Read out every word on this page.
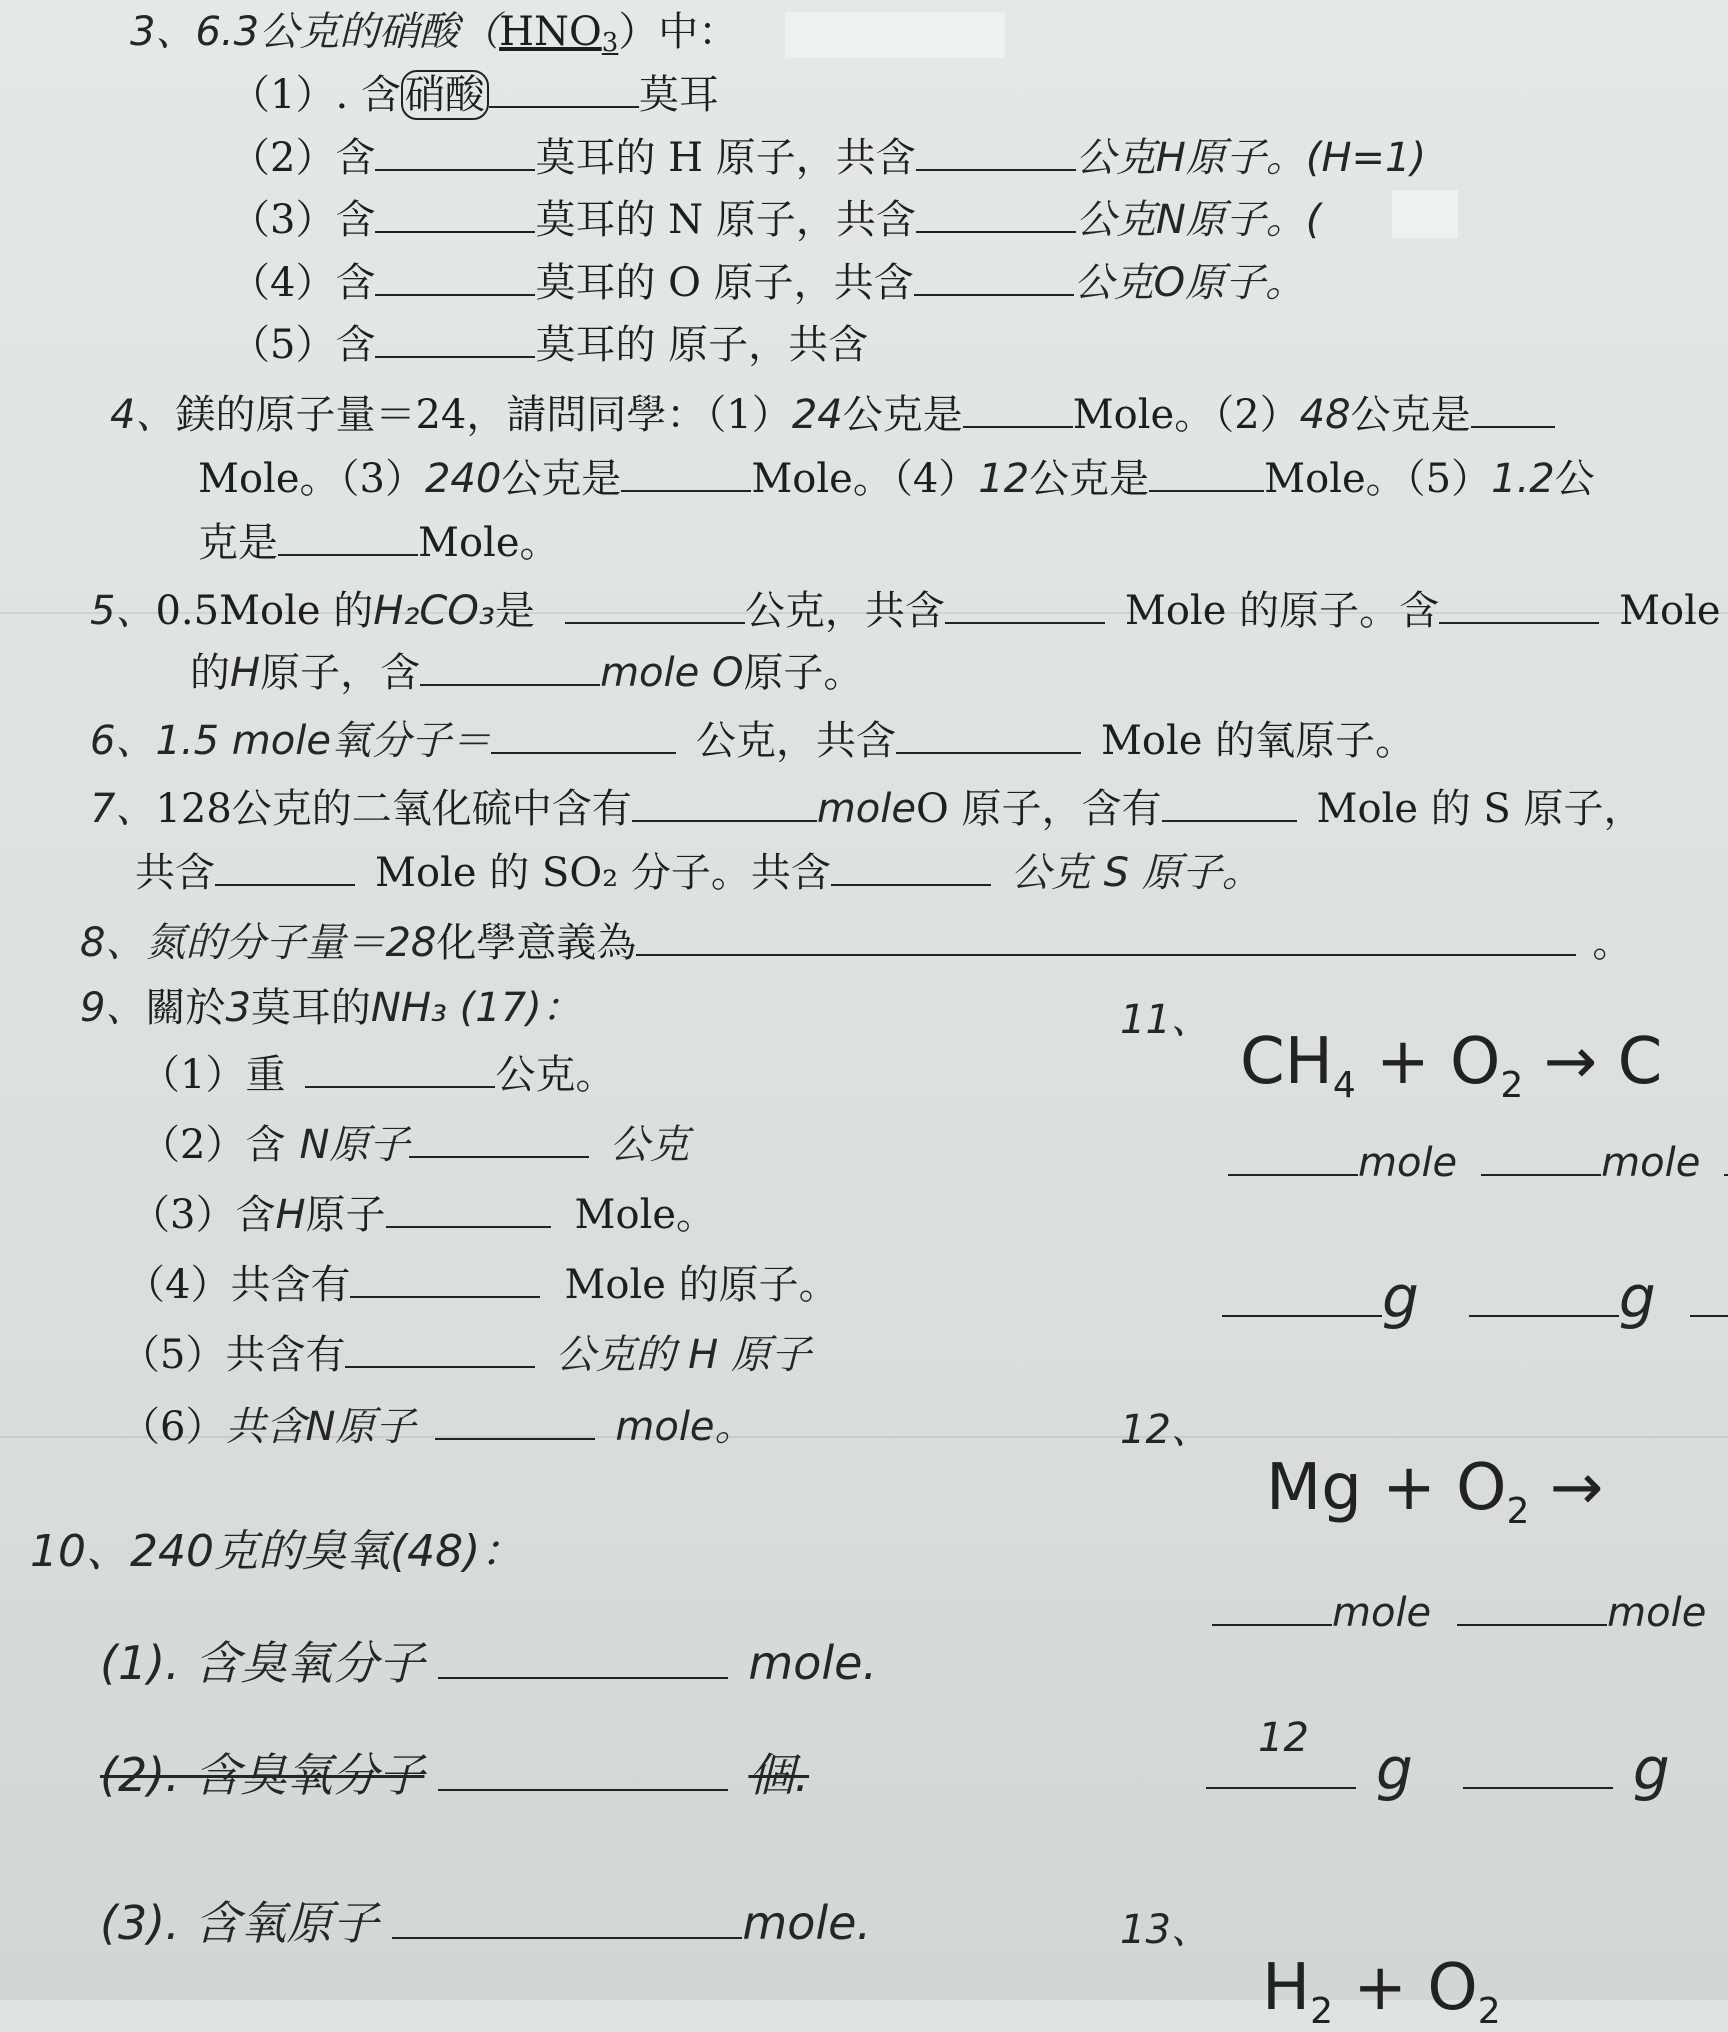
3、6.3公克的硝酸$(HNO_3)$中：
（1）. 含 硝酸	莫耳
（2）含	莫耳的 H 原子，共含	公克H原子。(H=1)
（3）含	莫耳的 N 原子，共含	公克N原子。(
（4）含	莫耳的 O 原子，共含	公克O原子。
（5）含	莫耳的 原子，共含
4、鎂的原子量＝24，請問同學：（1）24公克是	Mole。（2）48公克是
Mole。（3）240公克是	Mole。（4）12公克是	Mole。（5）1.2公
克是	Mole。
5、0.5Mole 的H₂CO₃是	公克，共含	Mole 的原子。含	Mole
的H原子，含	mole O原子。
6、1.5 mole氧分子＝	公克，共含	Mole 的氧原子。
7、128公克的二氧化硫中含有	moleO 原子，含有	Mole 的 S 原子，
共含	Mole 的 SO₂ 分子。共含	公克 S 原子。
8、氮的分子量＝28化學意義為	。
9、關於3莫耳的NH₃ (17)：
（1）重	公克。
（2）含 N原子	公克
（3）含H原子	Mole。
（4）共含有	Mole 的原子。
（5）共含有	公克的 H 原子
（6）共含N原子	mole。
10、240克的臭氧(48)：
(1). 含臭氧分子	mole.
(2). 含臭氧分子	個.
(3). 含氧原子	mole.
11、
$CH_4 + O_2 \to C$
mole	mole
g	g
12、
$Mg + O_2$ →
mole	mole
12	g	g
13、
$H_2 + O_2$
